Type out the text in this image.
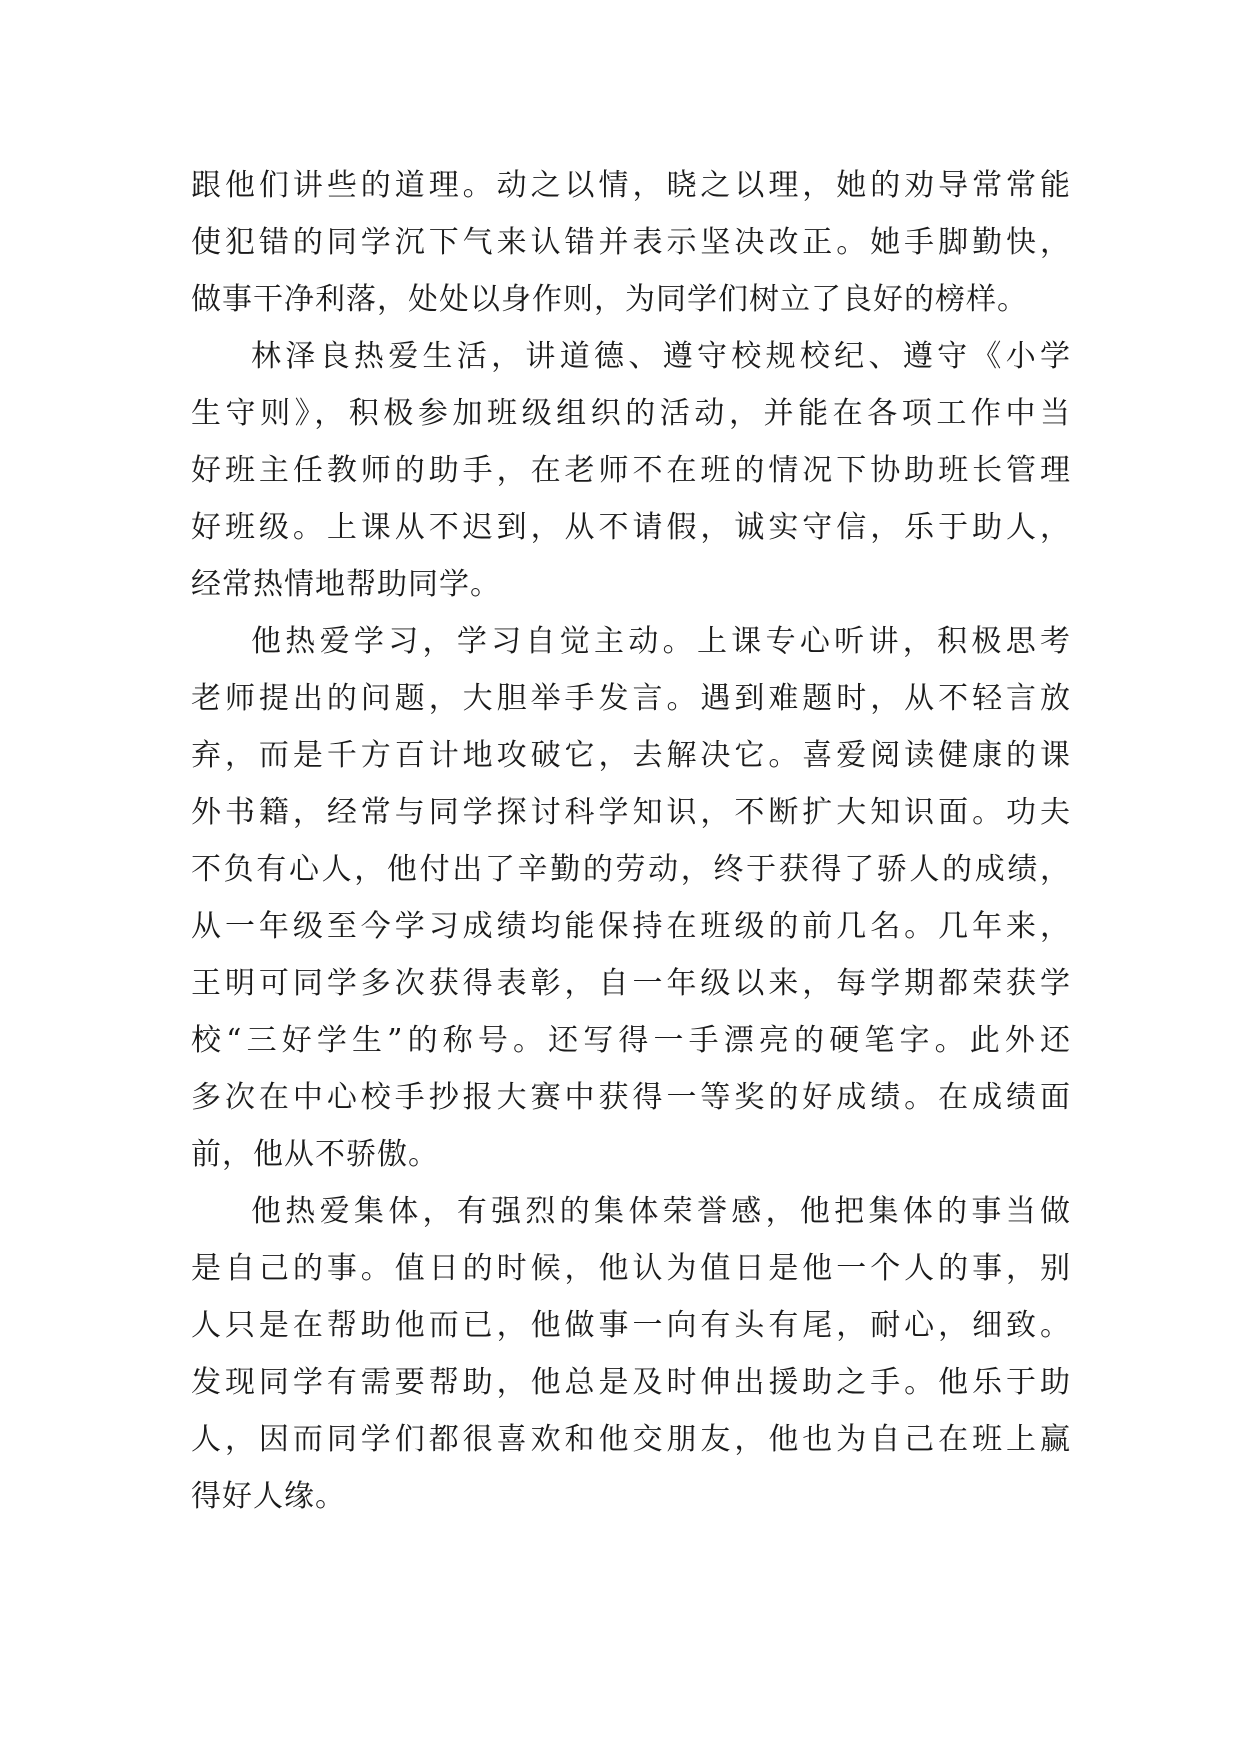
跟他们讲些的道理。动之以情，晓之以理，她的劝导常常能
使犯错的同学沉下气来认错并表示坚决改正。她手脚勤快，
做事干净利落，处处以身作则，为同学们树立了良好的榜样。
林泽良热爱生活，讲道德、遵守校规校纪、遵守《小学
生守则》，积极参加班级组织的活动，并能在各项工作中当
好班主任教师的助手，在老师不在班的情况下协助班长管理
好班级。上课从不迟到，从不请假，诚实守信，乐于助人，
经常热情地帮助同学。
他热爱学习，学习自觉主动。上课专心听讲，积极思考
老师提出的问题，大胆举手发言。遇到难题时，从不轻言放
弃，而是千方百计地攻破它，去解决它。喜爱阅读健康的课
外书籍，经常与同学探讨科学知识，不断扩大知识面。功夫
不负有心人，他付出了辛勤的劳动，终于获得了骄人的成绩，
从一年级至今学习成绩均能保持在班级的前几名。几年来，
王明可同学多次获得表彰，自一年级以来，每学期都荣获学
校“三好学生”的称号。还写得一手漂亮的硬笔字。此外还
多次在中心校手抄报大赛中获得一等奖的好成绩。在成绩面
前，他从不骄傲。
他热爱集体，有强烈的集体荣誉感，他把集体的事当做
是自己的事。值日的时候，他认为值日是他一个人的事，别
人只是在帮助他而已，他做事一向有头有尾，耐心，细致。
发现同学有需要帮助，他总是及时伸出援助之手。他乐于助
人，因而同学们都很喜欢和他交朋友，他也为自己在班上赢
得好人缘。
